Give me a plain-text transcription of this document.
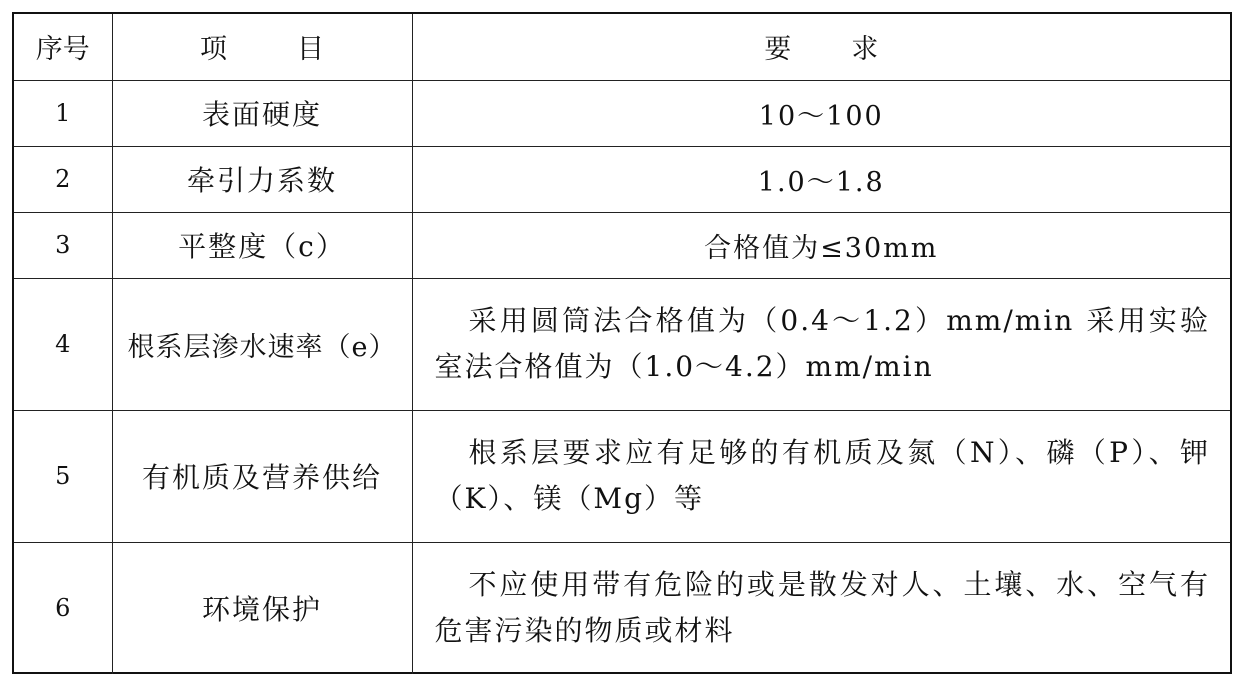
序号	项 目	要 求
1	表面硬度	10～100
2	牵引力系数	1.0～1.8
3	平整度（c）	合格值为≤30mm
4	根系层渗水速率（e）	采用圆筒法合格值为（0.4～1.2）mm/min 采用实验室法合格值为（1.0～4.2）mm/min
5	有机质及营养供给	根系层要求应有足够的有机质及氮（N）、磷（P）、钾（K）、镁（Mg）等
6	环境保护	不应使用带有危险的或是散发对人、土壤、水、空气有危害污染的物质或材料
